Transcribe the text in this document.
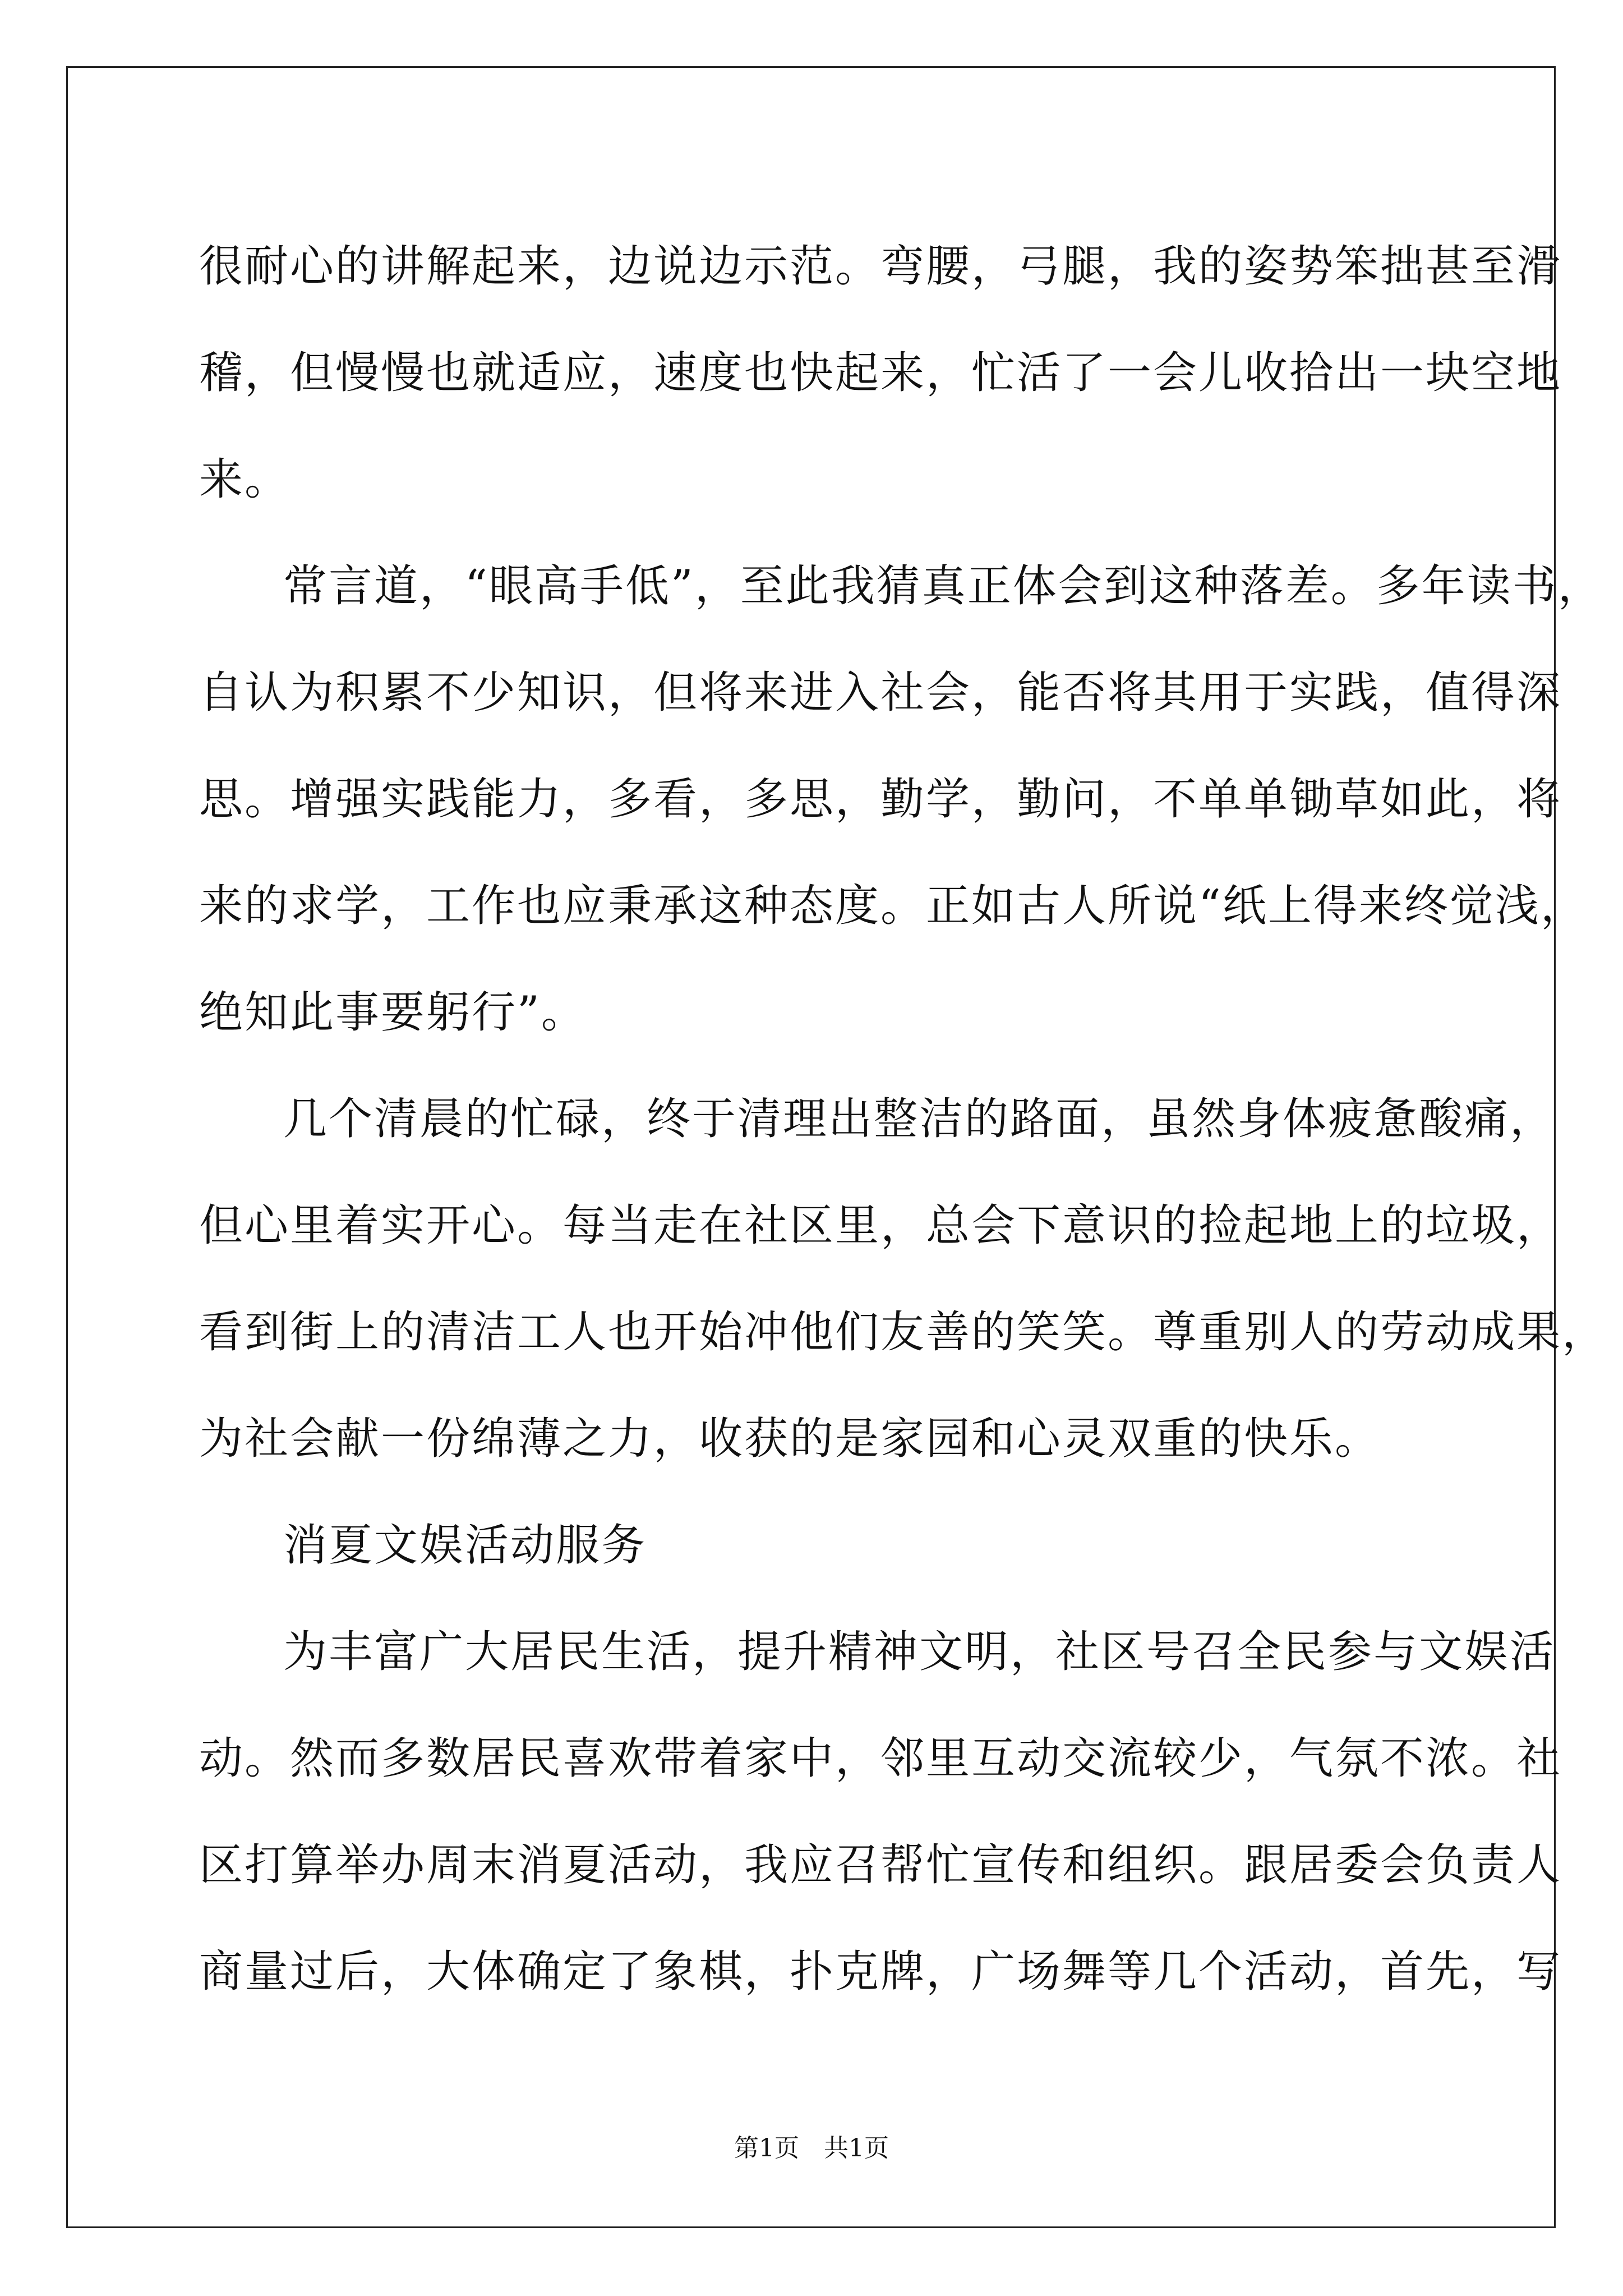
很耐心的讲解起来，边说边示范。弯腰，弓腿，我的姿势笨拙甚至滑
稽，但慢慢也就适应，速度也快起来，忙活了一会儿收拾出一块空地
来。
常言道，“眼高手低”，至此我猜真正体会到这种落差。多年读书，
自认为积累不少知识，但将来进入社会，能否将其用于实践，值得深
思。增强实践能力，多看，多思，勤学，勤问，不单单锄草如此，将
来的求学，工作也应秉承这种态度。正如古人所说“纸上得来终觉浅，
绝知此事要躬行”。
几个清晨的忙碌，终于清理出整洁的路面，虽然身体疲惫酸痛，
但心里着实开心。每当走在社区里，总会下意识的捡起地上的垃圾，
看到街上的清洁工人也开始冲他们友善的笑笑。尊重别人的劳动成果，
为社会献一份绵薄之力，收获的是家园和心灵双重的快乐。
消夏文娱活动服务
为丰富广大居民生活，提升精神文明，社区号召全民参与文娱活
动。然而多数居民喜欢带着家中，邻里互动交流较少，气氛不浓。社
区打算举办周末消夏活动，我应召帮忙宣传和组织。跟居委会负责人
商量过后，大体确定了象棋，扑克牌，广场舞等几个活动，首先，写
第1页　共1页
